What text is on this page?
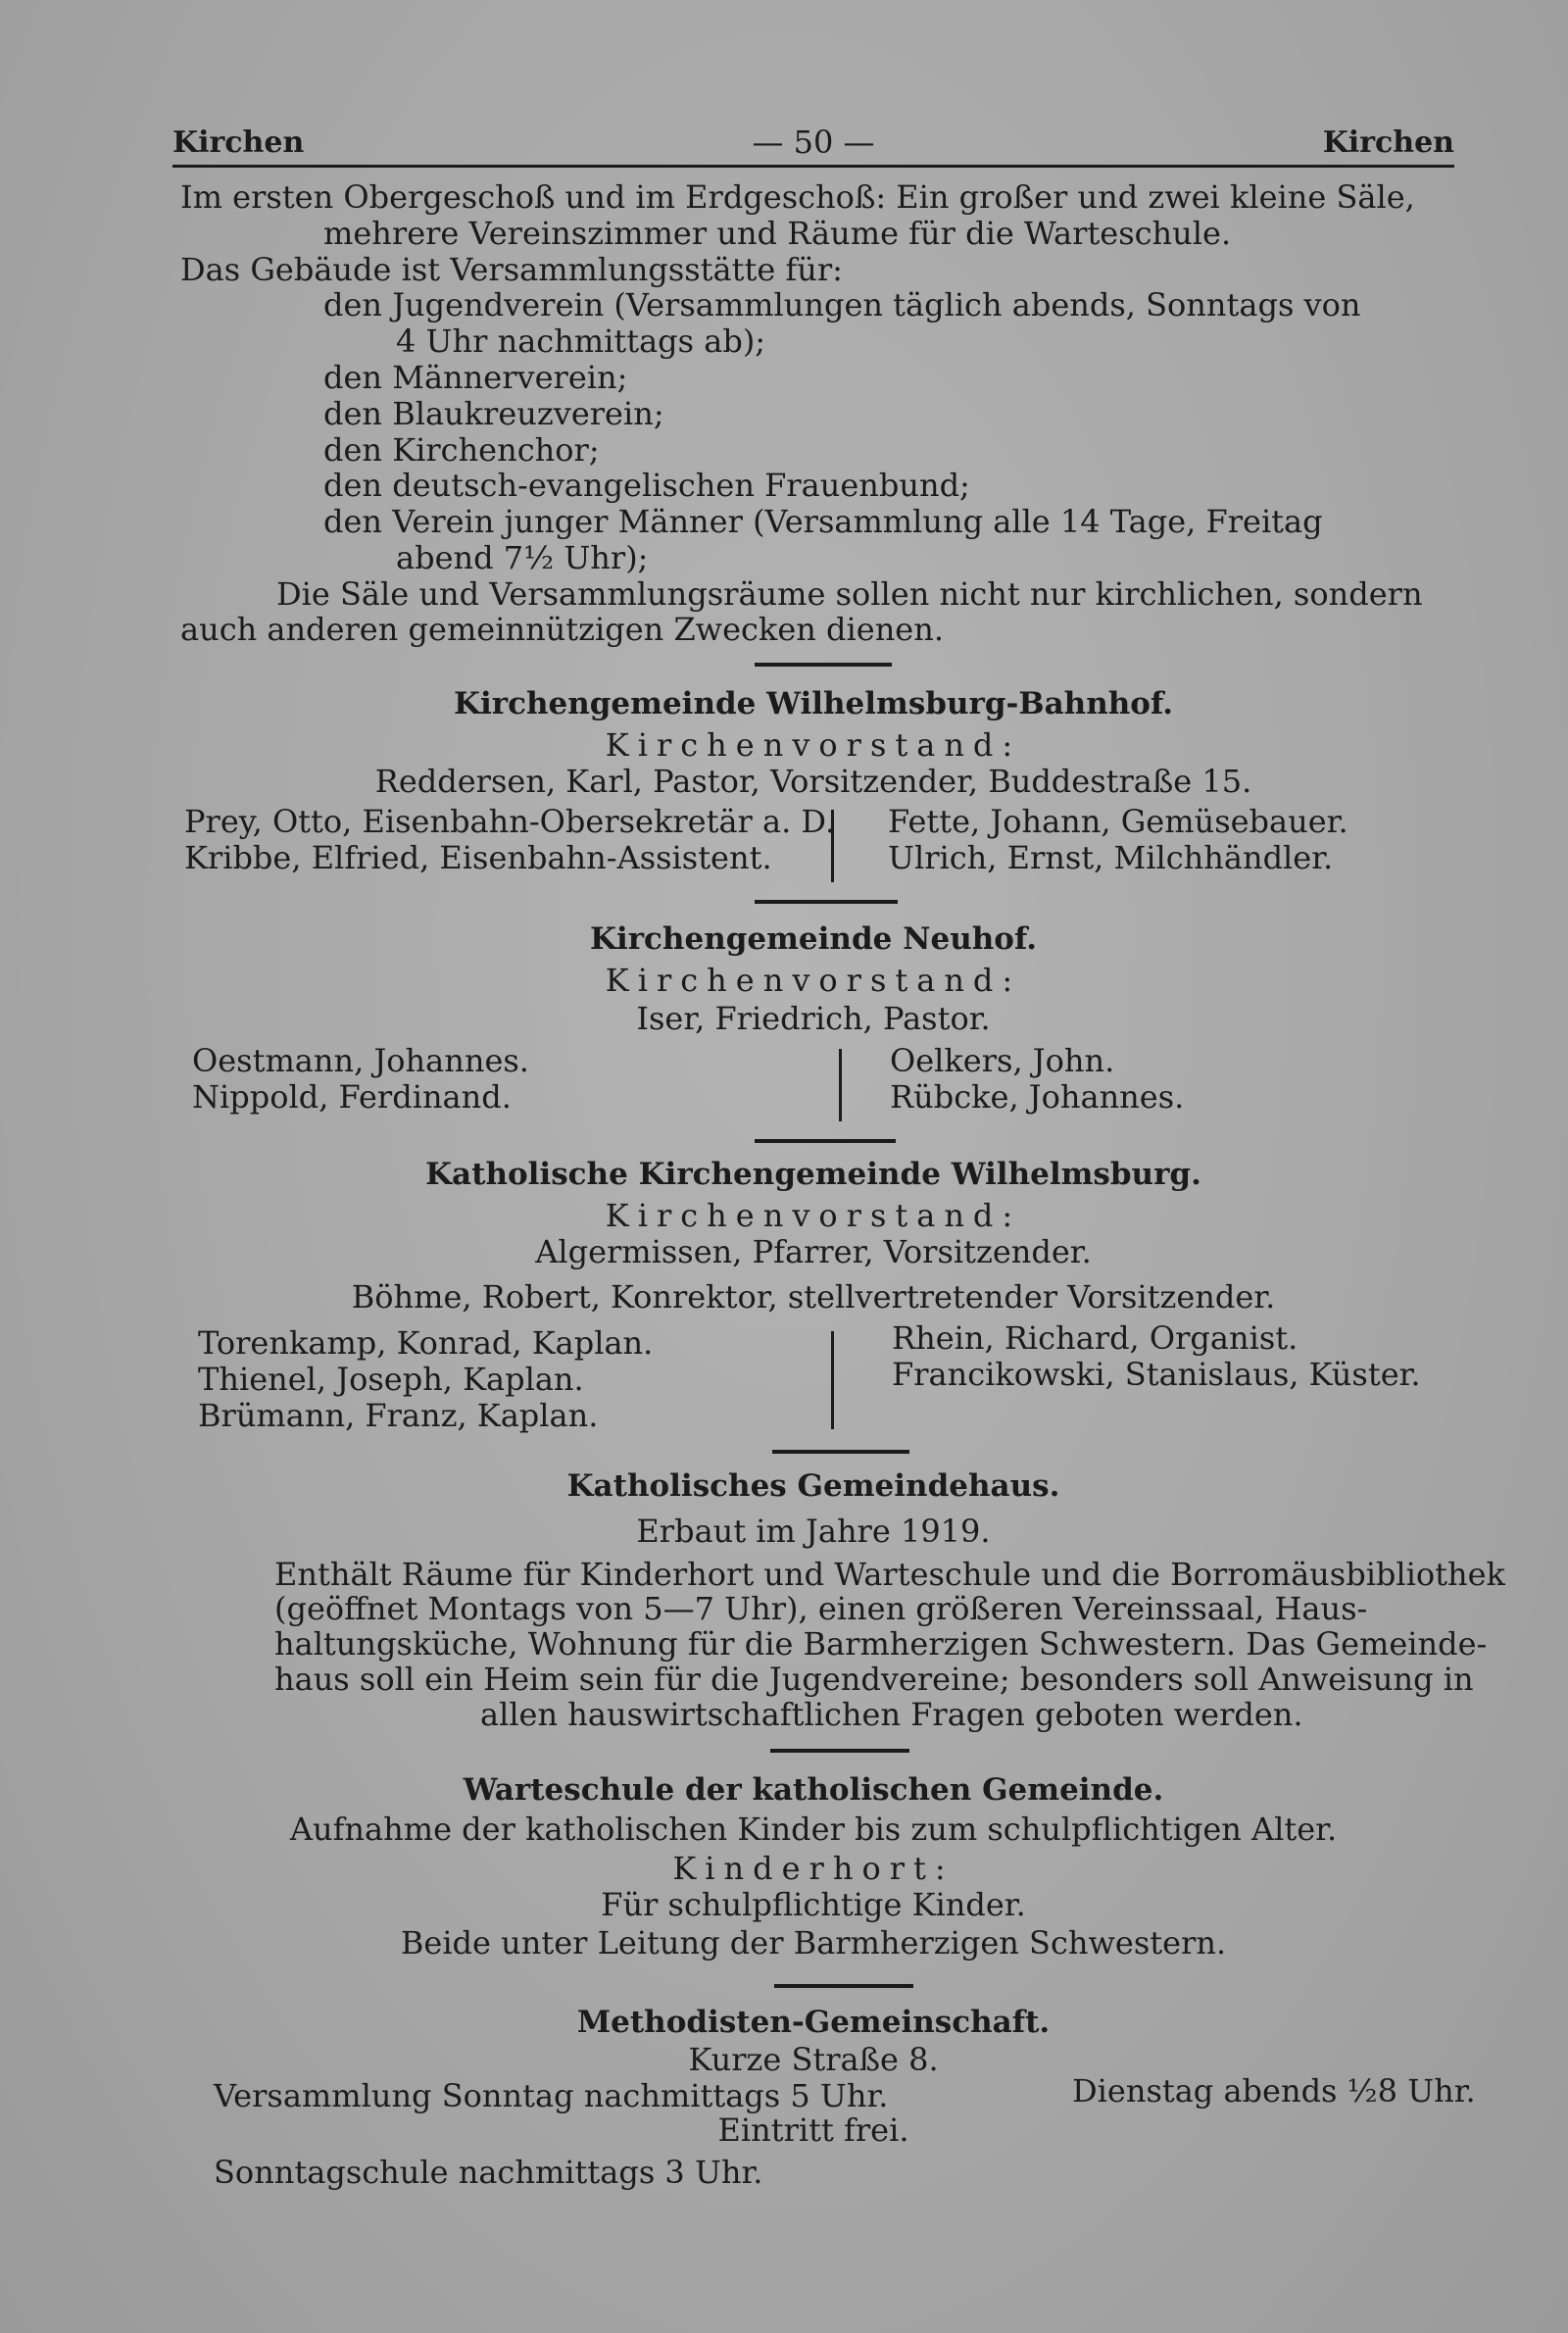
Kirchen	— 50 —	Kirchen
Im ersten Obergeschoß und im Erdgeschoß: Ein großer und zwei kleine Säle,
mehrere Vereinszimmer und Räume für die Warteschule.
Das Gebäude ist Versammlungsstätte für:
den Jugendverein (Versammlungen täglich abends, Sonntags von
4 Uhr nachmittags ab);
den Männerverein;
den Blaukreuzverein;
den Kirchenchor;
den deutsch-evangelischen Frauenbund;
den Verein junger Männer (Versammlung alle 14 Tage, Freitag
abend 7½ Uhr);
Die Säle und Versammlungsräume sollen nicht nur kirchlichen, sondern
auch anderen gemeinnützigen Zwecken dienen.
Kirchengemeinde Wilhelmsburg-Bahnhof.
Kirchenvorstand:
Reddersen, Karl, Pastor, Vorsitzender, Buddestraße 15.
Prey, Otto, Eisenbahn-Obersekretär a. D.
Kribbe, Elfried, Eisenbahn-Assistent.
Fette, Johann, Gemüsebauer.
Ulrich, Ernst, Milchhändler.
Kirchengemeinde Neuhof.
Kirchenvorstand:
Iser, Friedrich, Pastor.
Oestmann, Johannes.
Nippold, Ferdinand.
Oelkers, John.
Rübcke, Johannes.
Katholische Kirchengemeinde Wilhelmsburg.
Kirchenvorstand:
Algermissen, Pfarrer, Vorsitzender.
Böhme, Robert, Konrektor, stellvertretender Vorsitzender.
Torenkamp, Konrad, Kaplan.
Thienel, Joseph, Kaplan.
Brümann, Franz, Kaplan.
Rhein, Richard, Organist.
Francikowski, Stanislaus, Küster.
Katholisches Gemeindehaus.
Erbaut im Jahre 1919.
Enthält Räume für Kinderhort und Warteschule und die Borromäusbibliothek
(geöffnet Montags von 5—7 Uhr), einen größeren Vereinssaal, Haus-
haltungsküche, Wohnung für die Barmherzigen Schwestern. Das Gemeinde-
haus soll ein Heim sein für die Jugendvereine; besonders soll Anweisung in
allen hauswirtschaftlichen Fragen geboten werden.
Warteschule der katholischen Gemeinde.
Aufnahme der katholischen Kinder bis zum schulpflichtigen Alter.
Kinderhort:
Für schulpflichtige Kinder.
Beide unter Leitung der Barmherzigen Schwestern.
Methodisten-Gemeinschaft.
Kurze Straße 8.
Versammlung Sonntag nachmittags 5 Uhr.	Dienstag abends ½8 Uhr.
Eintritt frei.
Sonntagschule nachmittags 3 Uhr.
